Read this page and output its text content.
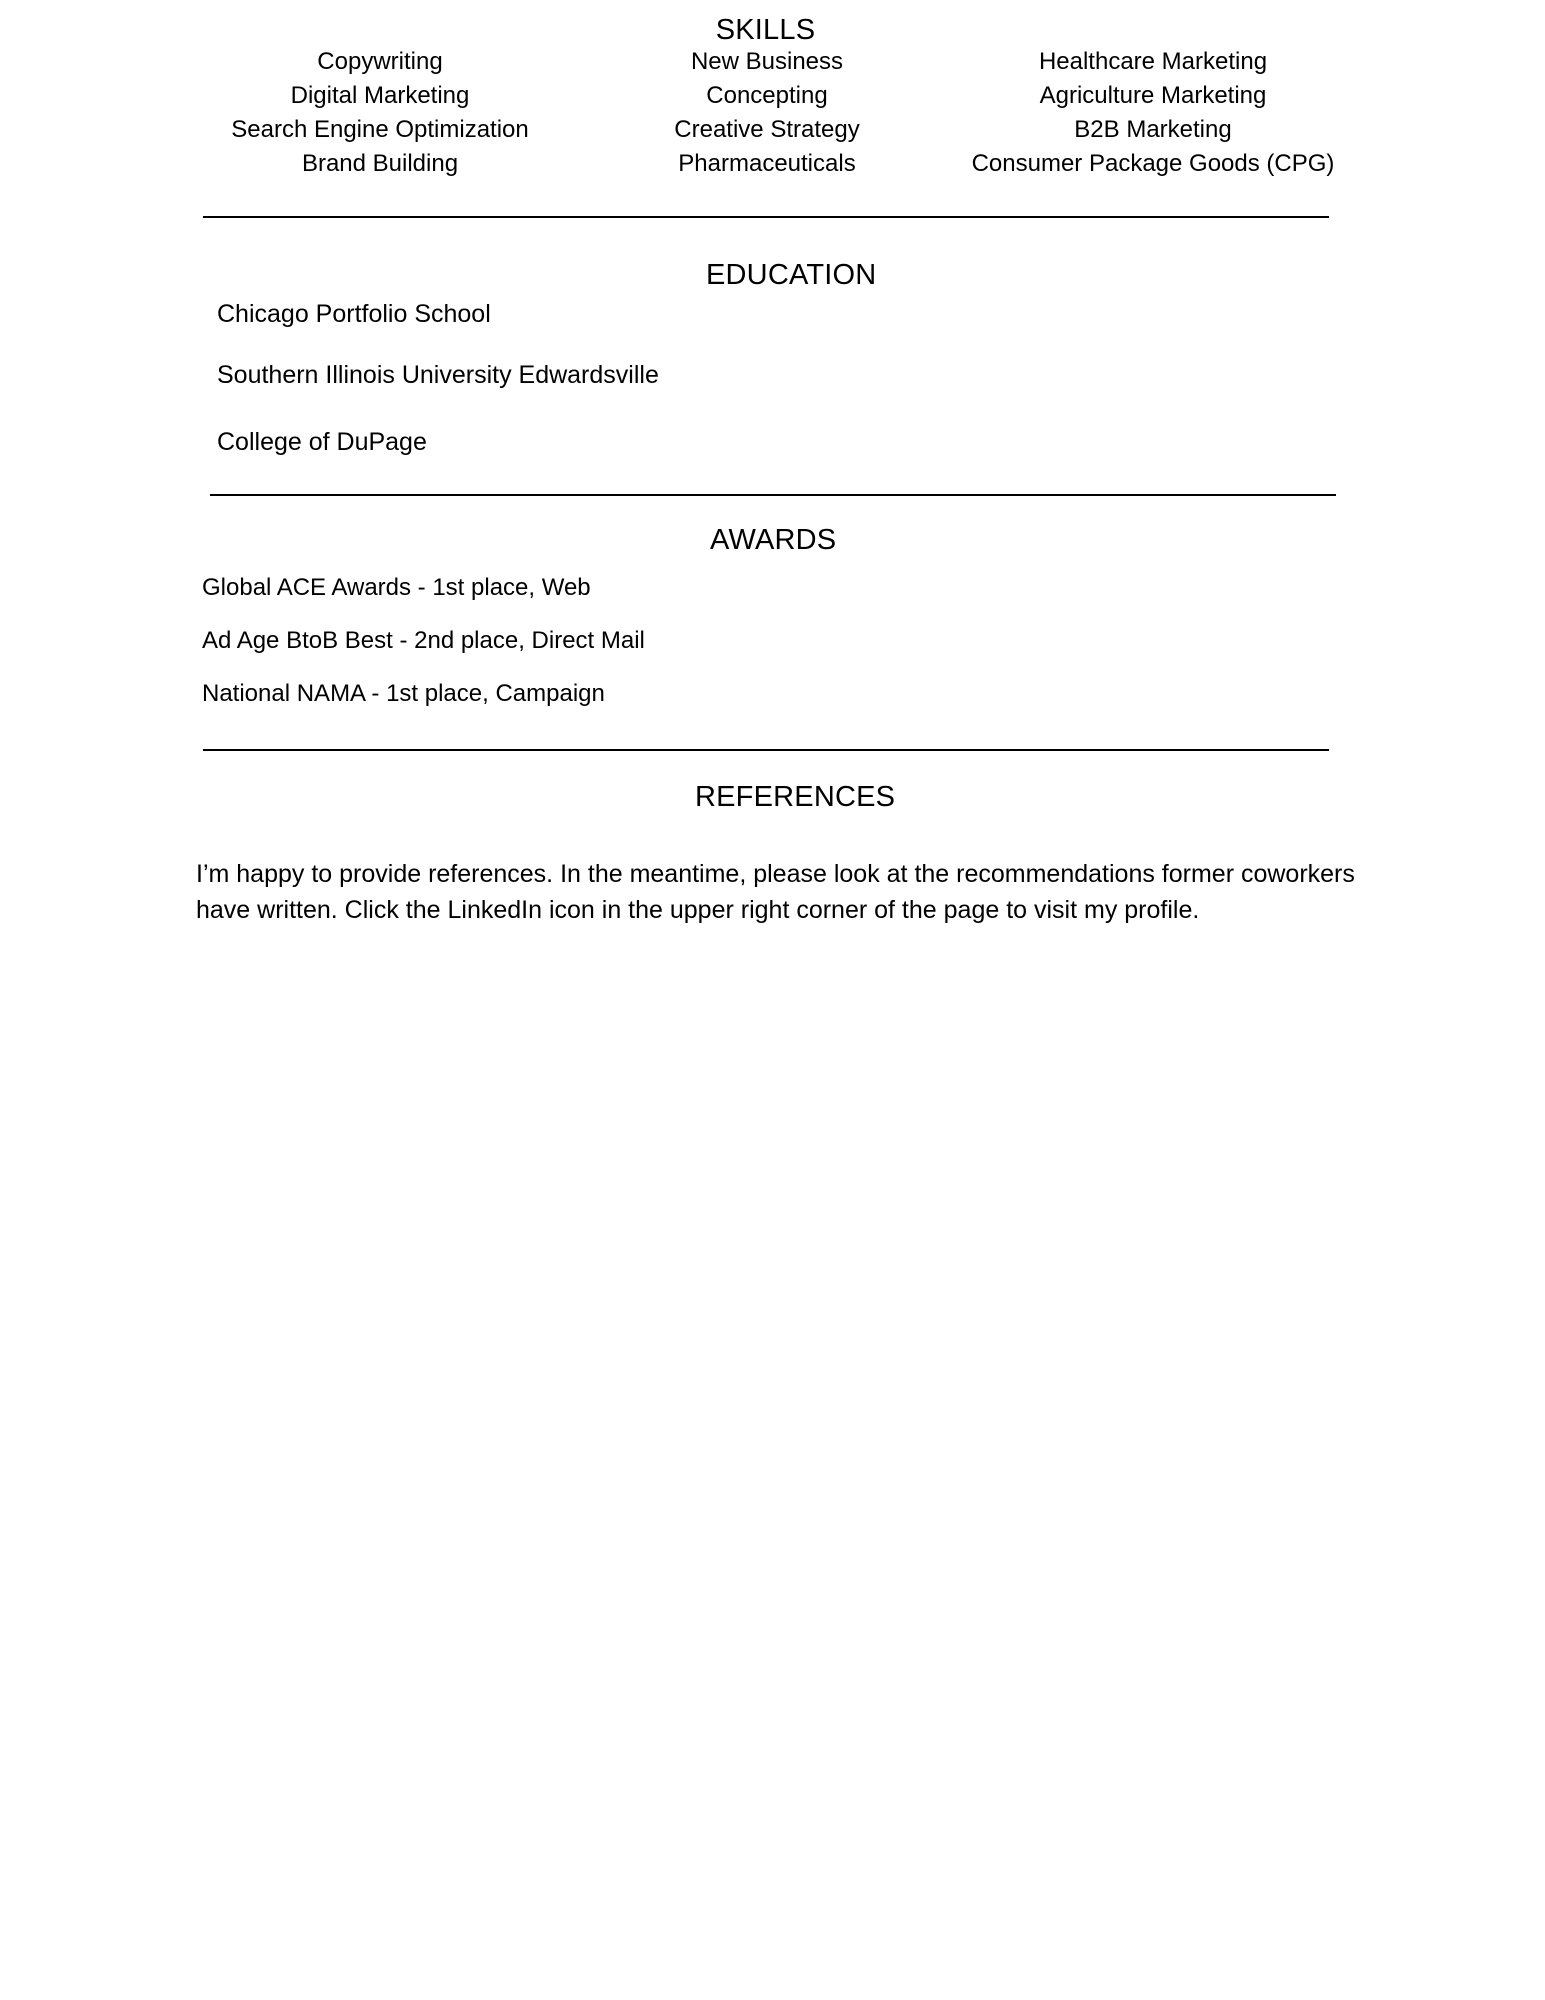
SKILLS
Copywriting
Digital Marketing
Search Engine Optimization
Brand Building
New Business
Concepting
Creative Strategy
Pharmaceuticals
Healthcare Marketing
Agriculture Marketing
B2B Marketing
Consumer Package Goods (CPG)
EDUCATION
Chicago Portfolio School
Southern Illinois University Edwardsville
College of DuPage
AWARDS
Global ACE Awards - 1st place, Web
Ad Age BtoB Best - 2nd place, Direct Mail
National NAMA - 1st place, Campaign
REFERENCES
I’m happy to provide references. In the meantime, please look at the recommendations former coworkers have written. Click the LinkedIn icon in the upper right corner of the page to visit my profile.
